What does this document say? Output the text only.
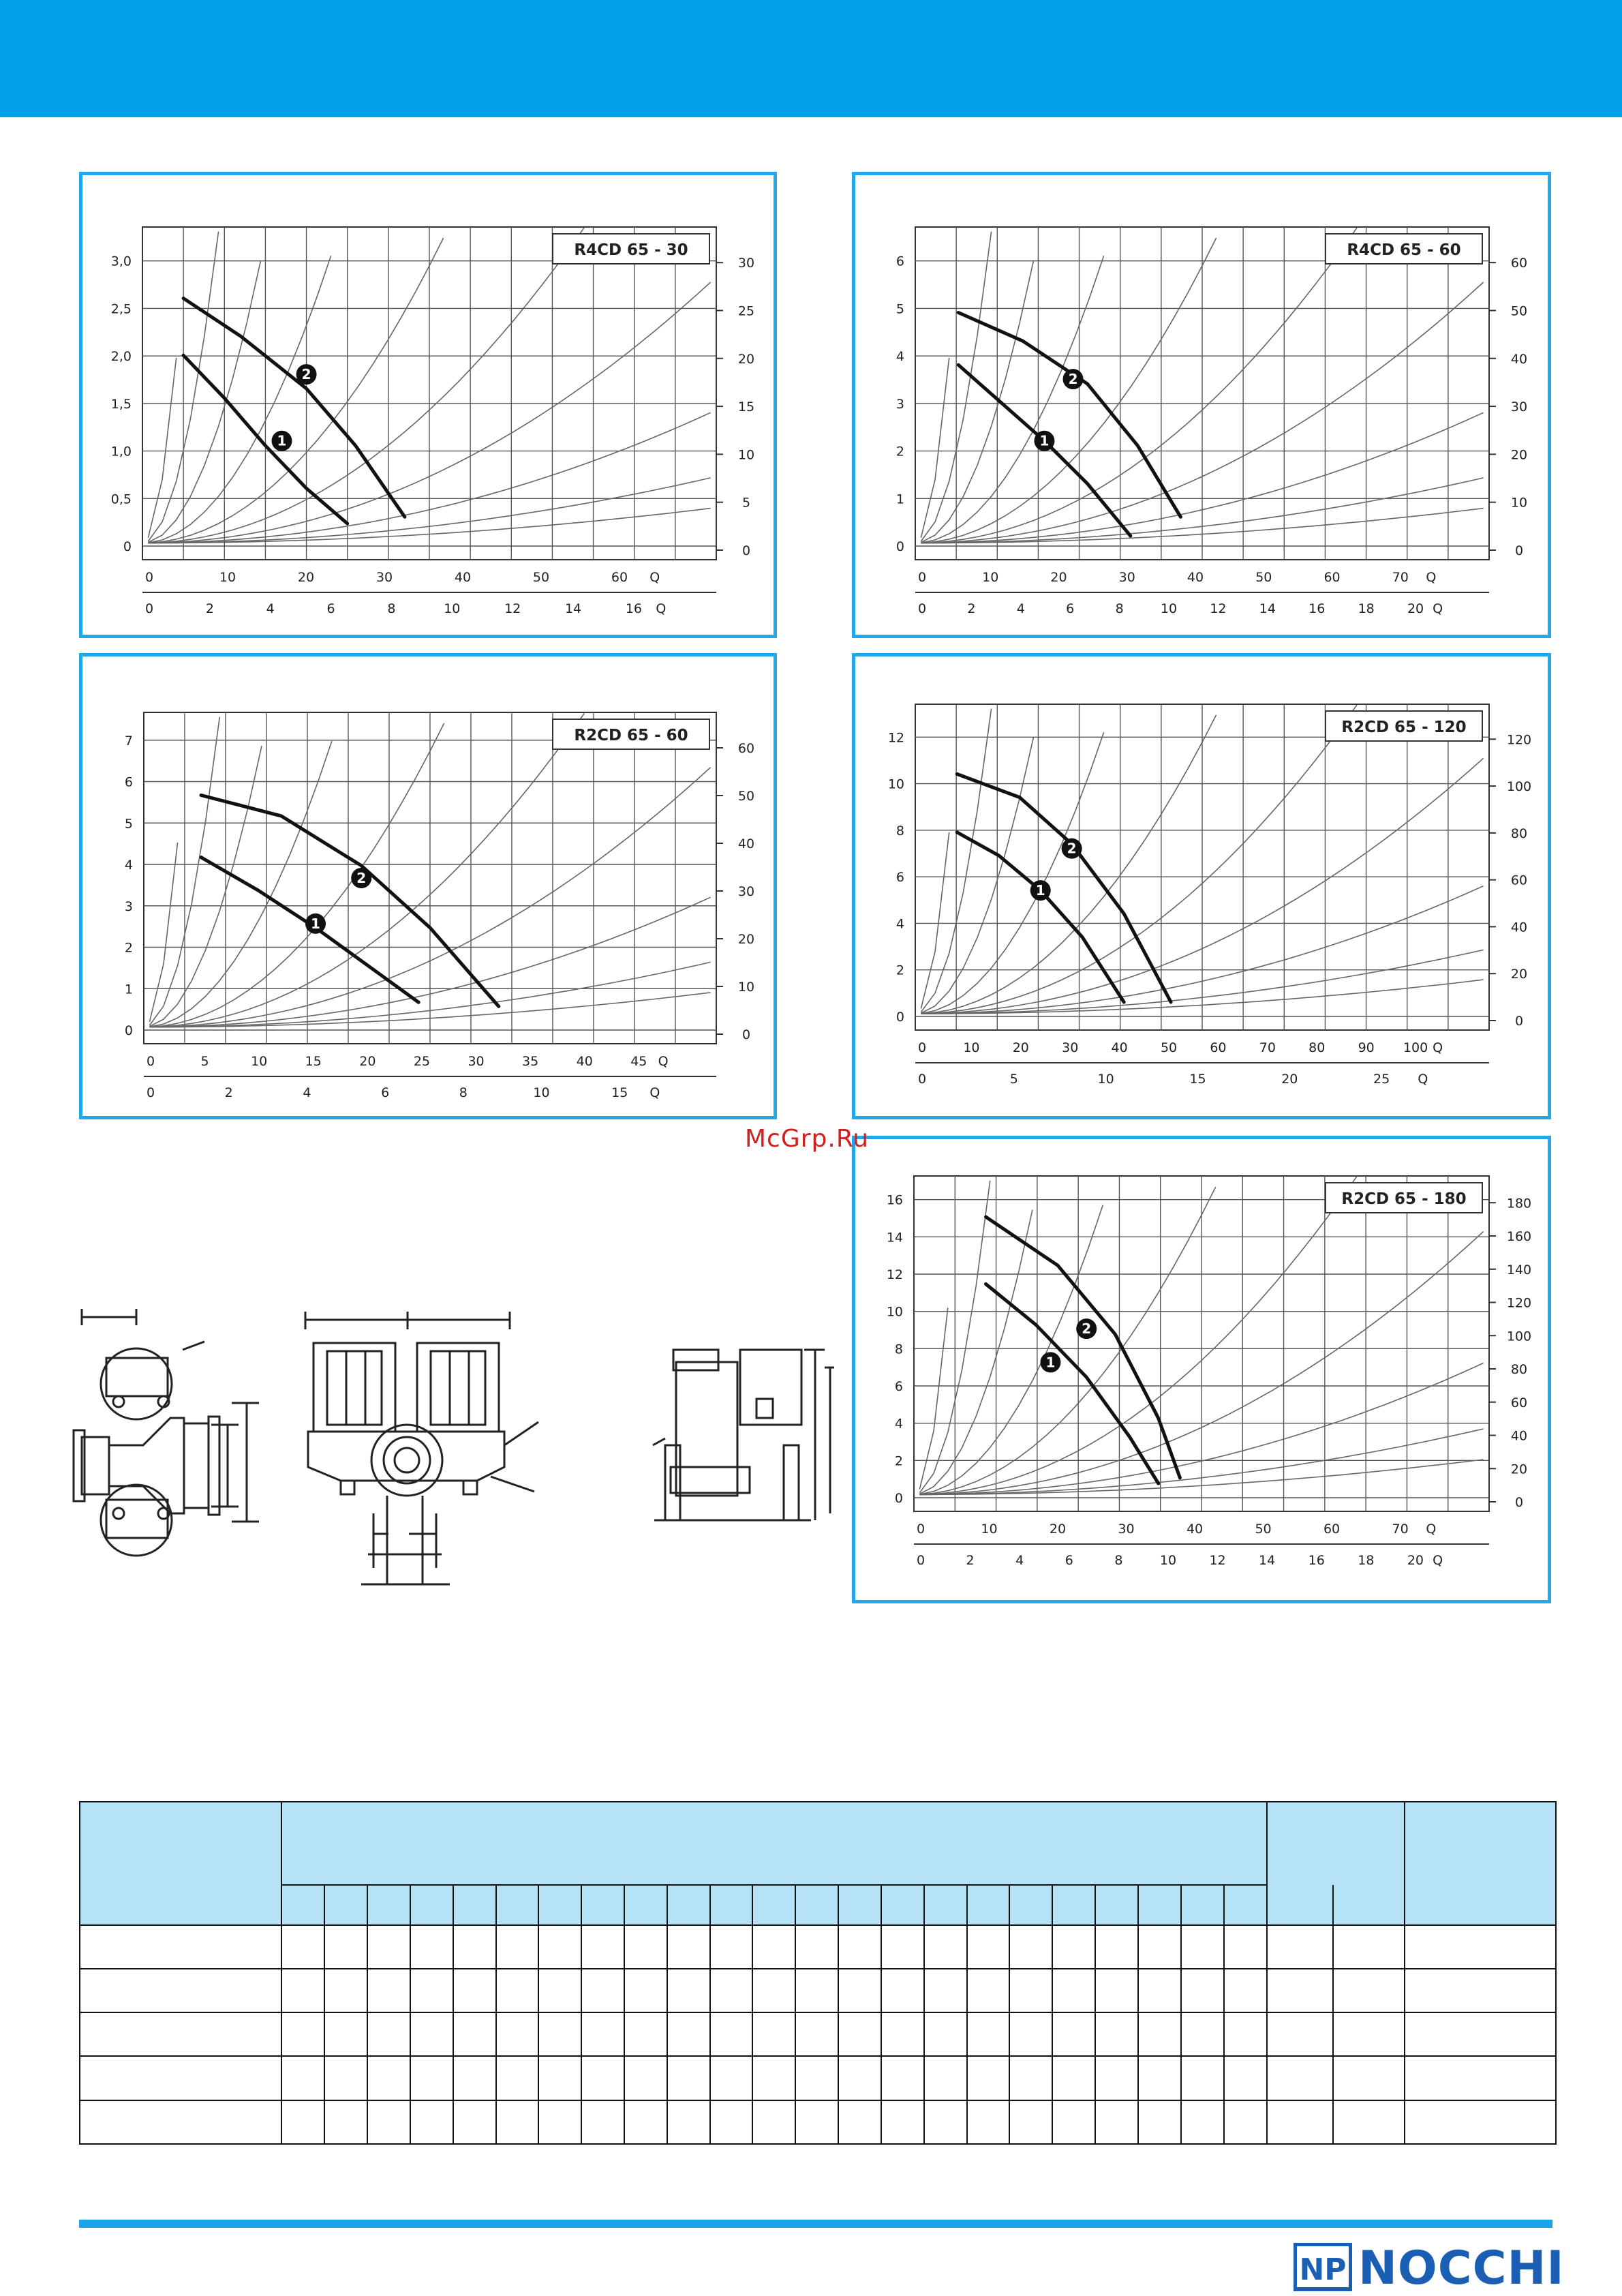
0
0,5
1,0
1,5
2,0
2,5
3,0
0
5
10
15
20
25
30
1
2
R4CD 65 - 30
0	10	20	30	40	50	60 Q
0	2	4	6	8	10	12	14	16 Q
0
1
2
3
4
5
6
0
10
20
30
40
50
60
1
2
R4CD 65 - 60
0	10	20	30	40	50	60	70 Q
0	2	4	6	8	10	12	14	16	18	20 Q
0
1
2
3
4
5
6
7
0
10
20
30
40
50
60
1
2
R2CD 65 - 60
0	5	10	15	20	25	30	35	40	45 Q
0	2	4	6	8	10	15 Q
0
2
4
6
8
10
12
0
20
40
60
80
100
120
1
2
R2CD 65 - 120
0	10	20	30	40	50	60	70	80	90 100 Q
0	5	10	15	20	25 Q
0
2
4
6
8
10
12
14
16
0
20
40
60
80
100
120
140
160
180
1
2
R2CD 65 - 180
0	10	20	30	40	50	60	70 Q
0	2	4	6	8	10	12	14	16	18	20 Q
McGrp.Ru

NP NOCCHI
